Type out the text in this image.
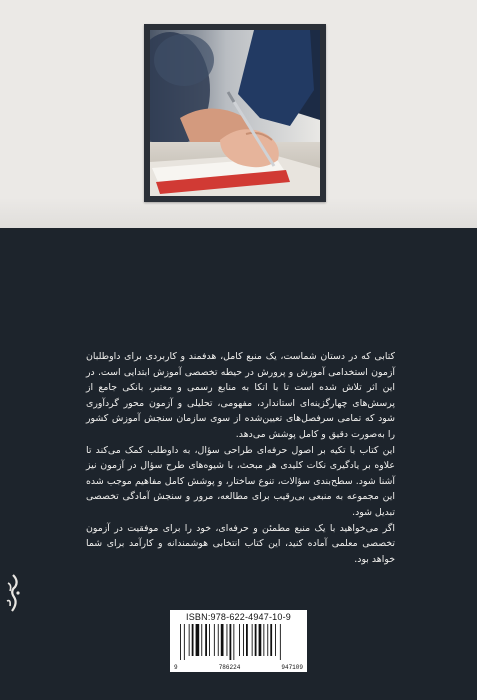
کتابی که در دستان شماست، یک منبع کامل، هدفمند و کاربردی برای داوطلبان آزمون استخدامی آموزش و پرورش در حیطه تخصصی آموزش ابتدایی است. در این اثر تلاش شده است تا با اتکا به منابع رسمی و معتبر، بانکی جامع از پرسش‌های چهارگزینه‌ای استاندارد، مفهومی، تحلیلی و آزمون محور گردآوری شود که تمامی سرفصل‌های تعیین‌شده از سوی سازمان سنجش آموزش کشور را به‌صورت دقیق و کامل پوشش می‌دهد.

این کتاب با تکیه بر اصول حرفه‌ای طراحی سؤال، به داوطلب کمک می‌کند تا علاوه بر یادگیری نکات کلیدی هر مبحث، با شیوه‌های طرح سؤال در آزمون نیز آشنا شود. سطح‌بندی سؤالات، تنوع ساختار، و پوشش کامل مفاهیم موجب شده این مجموعه به منبعی بی‌رقیب برای مطالعه، مرور و سنجش آمادگی تخصصی تبدیل شود.

اگر می‌خواهید با یک منبع مطمئن و حرفه‌ای، خود را برای موفقیت در آزمون تخصصی معلمی آماده کنید، این کتاب انتخابی هوشمندانه و کارآمد برای شما خواهد بود.

ISBN:978-622-4947-10-9
9	786224	947109
